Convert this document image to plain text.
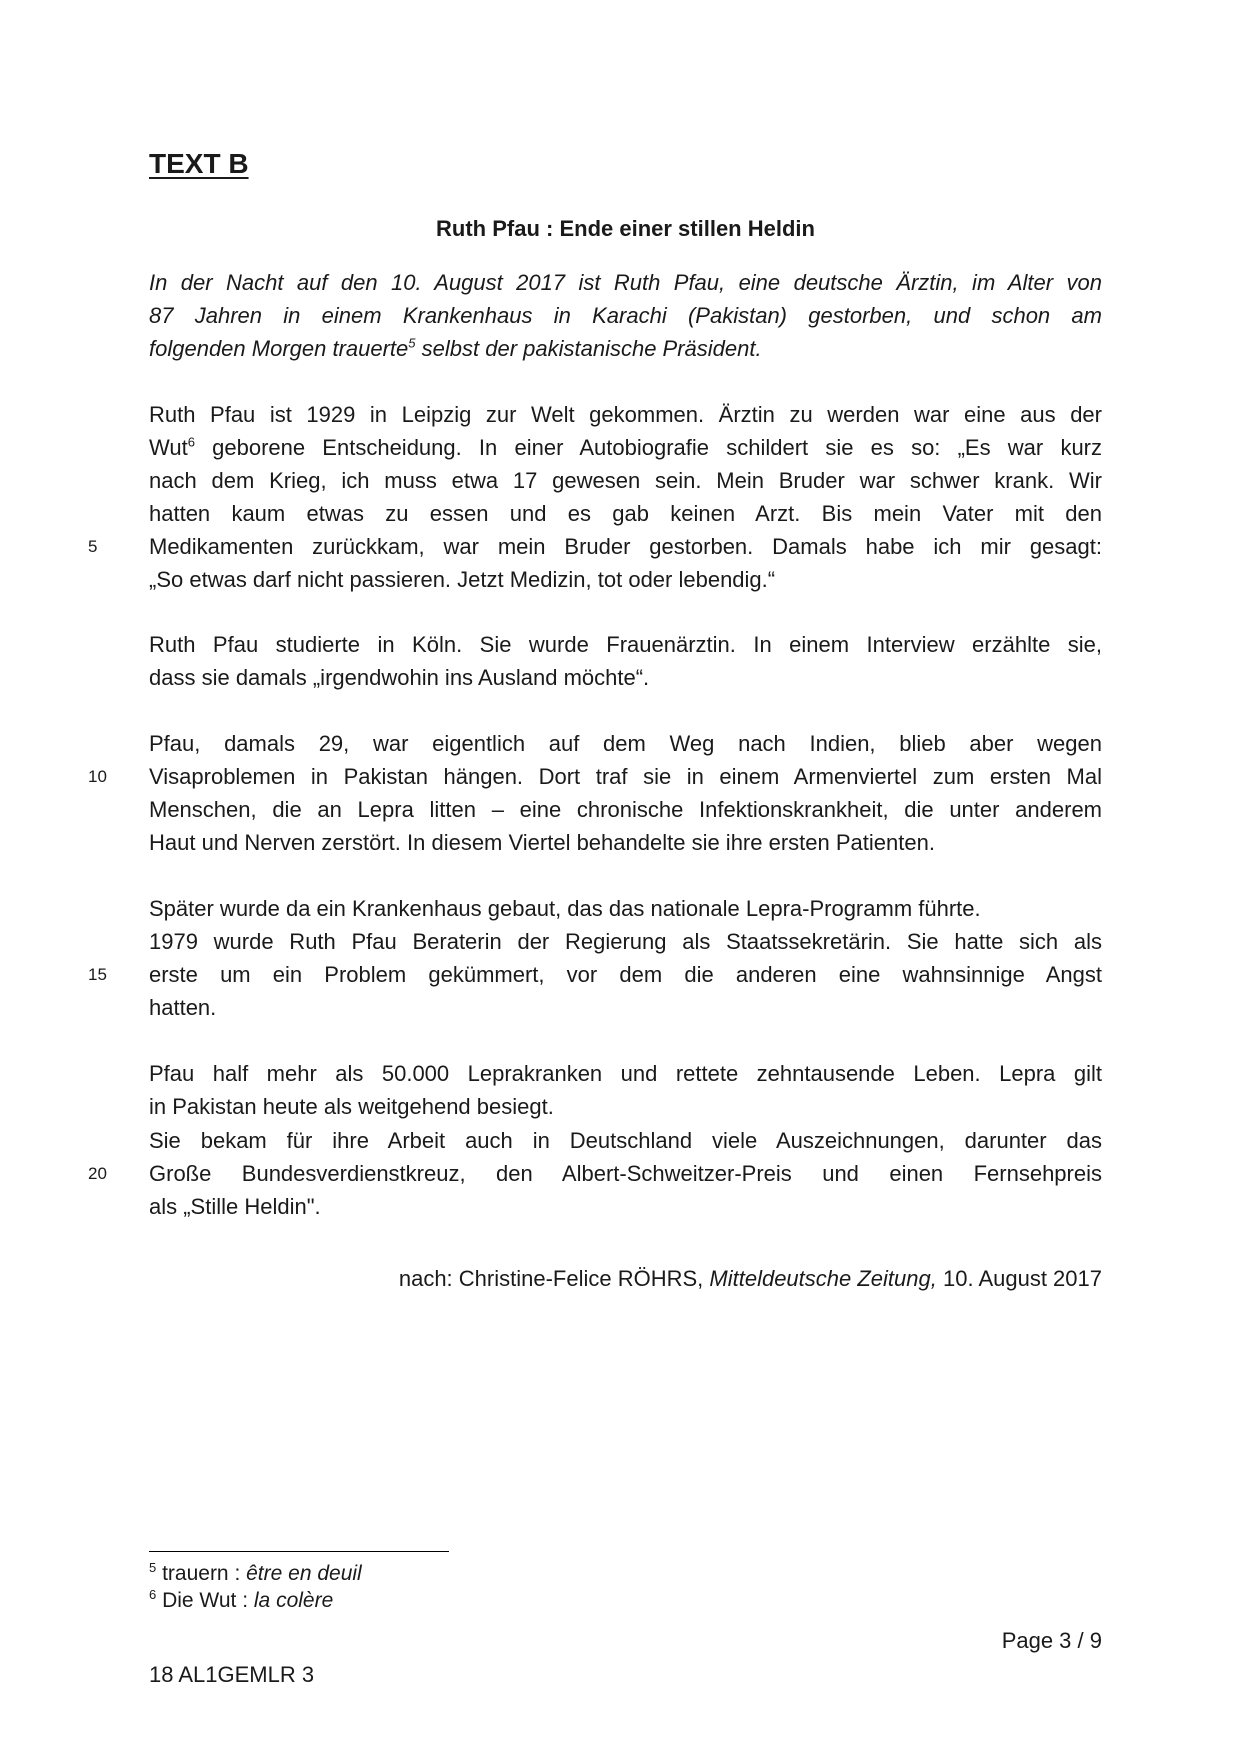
TEXT B
Ruth Pfau : Ende einer stillen Heldin
In der Nacht auf den 10. August 2017 ist Ruth Pfau, eine deutsche Ärztin, im Alter von
87 Jahren in einem Krankenhaus in Karachi (Pakistan) gestorben, und schon am
folgenden Morgen trauerte$^5$ selbst der pakistanische Präsident.
Ruth Pfau ist 1929 in Leipzig zur Welt gekommen. Ärztin zu werden war eine aus der
Wut$^6$ geborene Entscheidung. In einer Autobiografie schildert sie es so: „Es war kurz
nach dem Krieg, ich muss etwa 17 gewesen sein. Mein Bruder war schwer krank. Wir
hatten kaum etwas zu essen und es gab keinen Arzt. Bis mein Vater mit den
Medikamenten zurückkam, war mein Bruder gestorben. Damals habe ich mir gesagt:
„So etwas darf nicht passieren. Jetzt Medizin, tot oder lebendig.“
Ruth Pfau studierte in Köln. Sie wurde Frauenärztin. In einem Interview erzählte sie,
dass sie damals „irgendwohin ins Ausland möchte“.
Pfau, damals 29, war eigentlich auf dem Weg nach Indien, blieb aber wegen
Visaproblemen in Pakistan hängen. Dort traf sie in einem Armenviertel zum ersten Mal
Menschen, die an Lepra litten – eine chronische Infektionskrankheit, die unter anderem
Haut und Nerven zerstört. In diesem Viertel behandelte sie ihre ersten Patienten.
Später wurde da ein Krankenhaus gebaut, das das nationale Lepra-Programm führte.
1979 wurde Ruth Pfau Beraterin der Regierung als Staatssekretärin. Sie hatte sich als
erste um ein Problem gekümmert, vor dem die anderen eine wahnsinnige Angst
hatten.
Pfau half mehr als 50.000 Leprakranken und rettete zehntausende Leben. Lepra gilt
in Pakistan heute als weitgehend besiegt.
Sie bekam für ihre Arbeit auch in Deutschland viele Auszeichnungen, darunter das
Große Bundesverdienstkreuz, den Albert-Schweitzer-Preis und einen Fernsehpreis
als „Stille Heldin".
5
10
15
20
nach: Christine-Felice RÖHRS, Mitteldeutsche Zeitung, 10. August 2017
$^5$ trauern : être en deuil
$^6$ Die Wut : la colère
Page 3 / 9
18 AL1GEMLR 3
